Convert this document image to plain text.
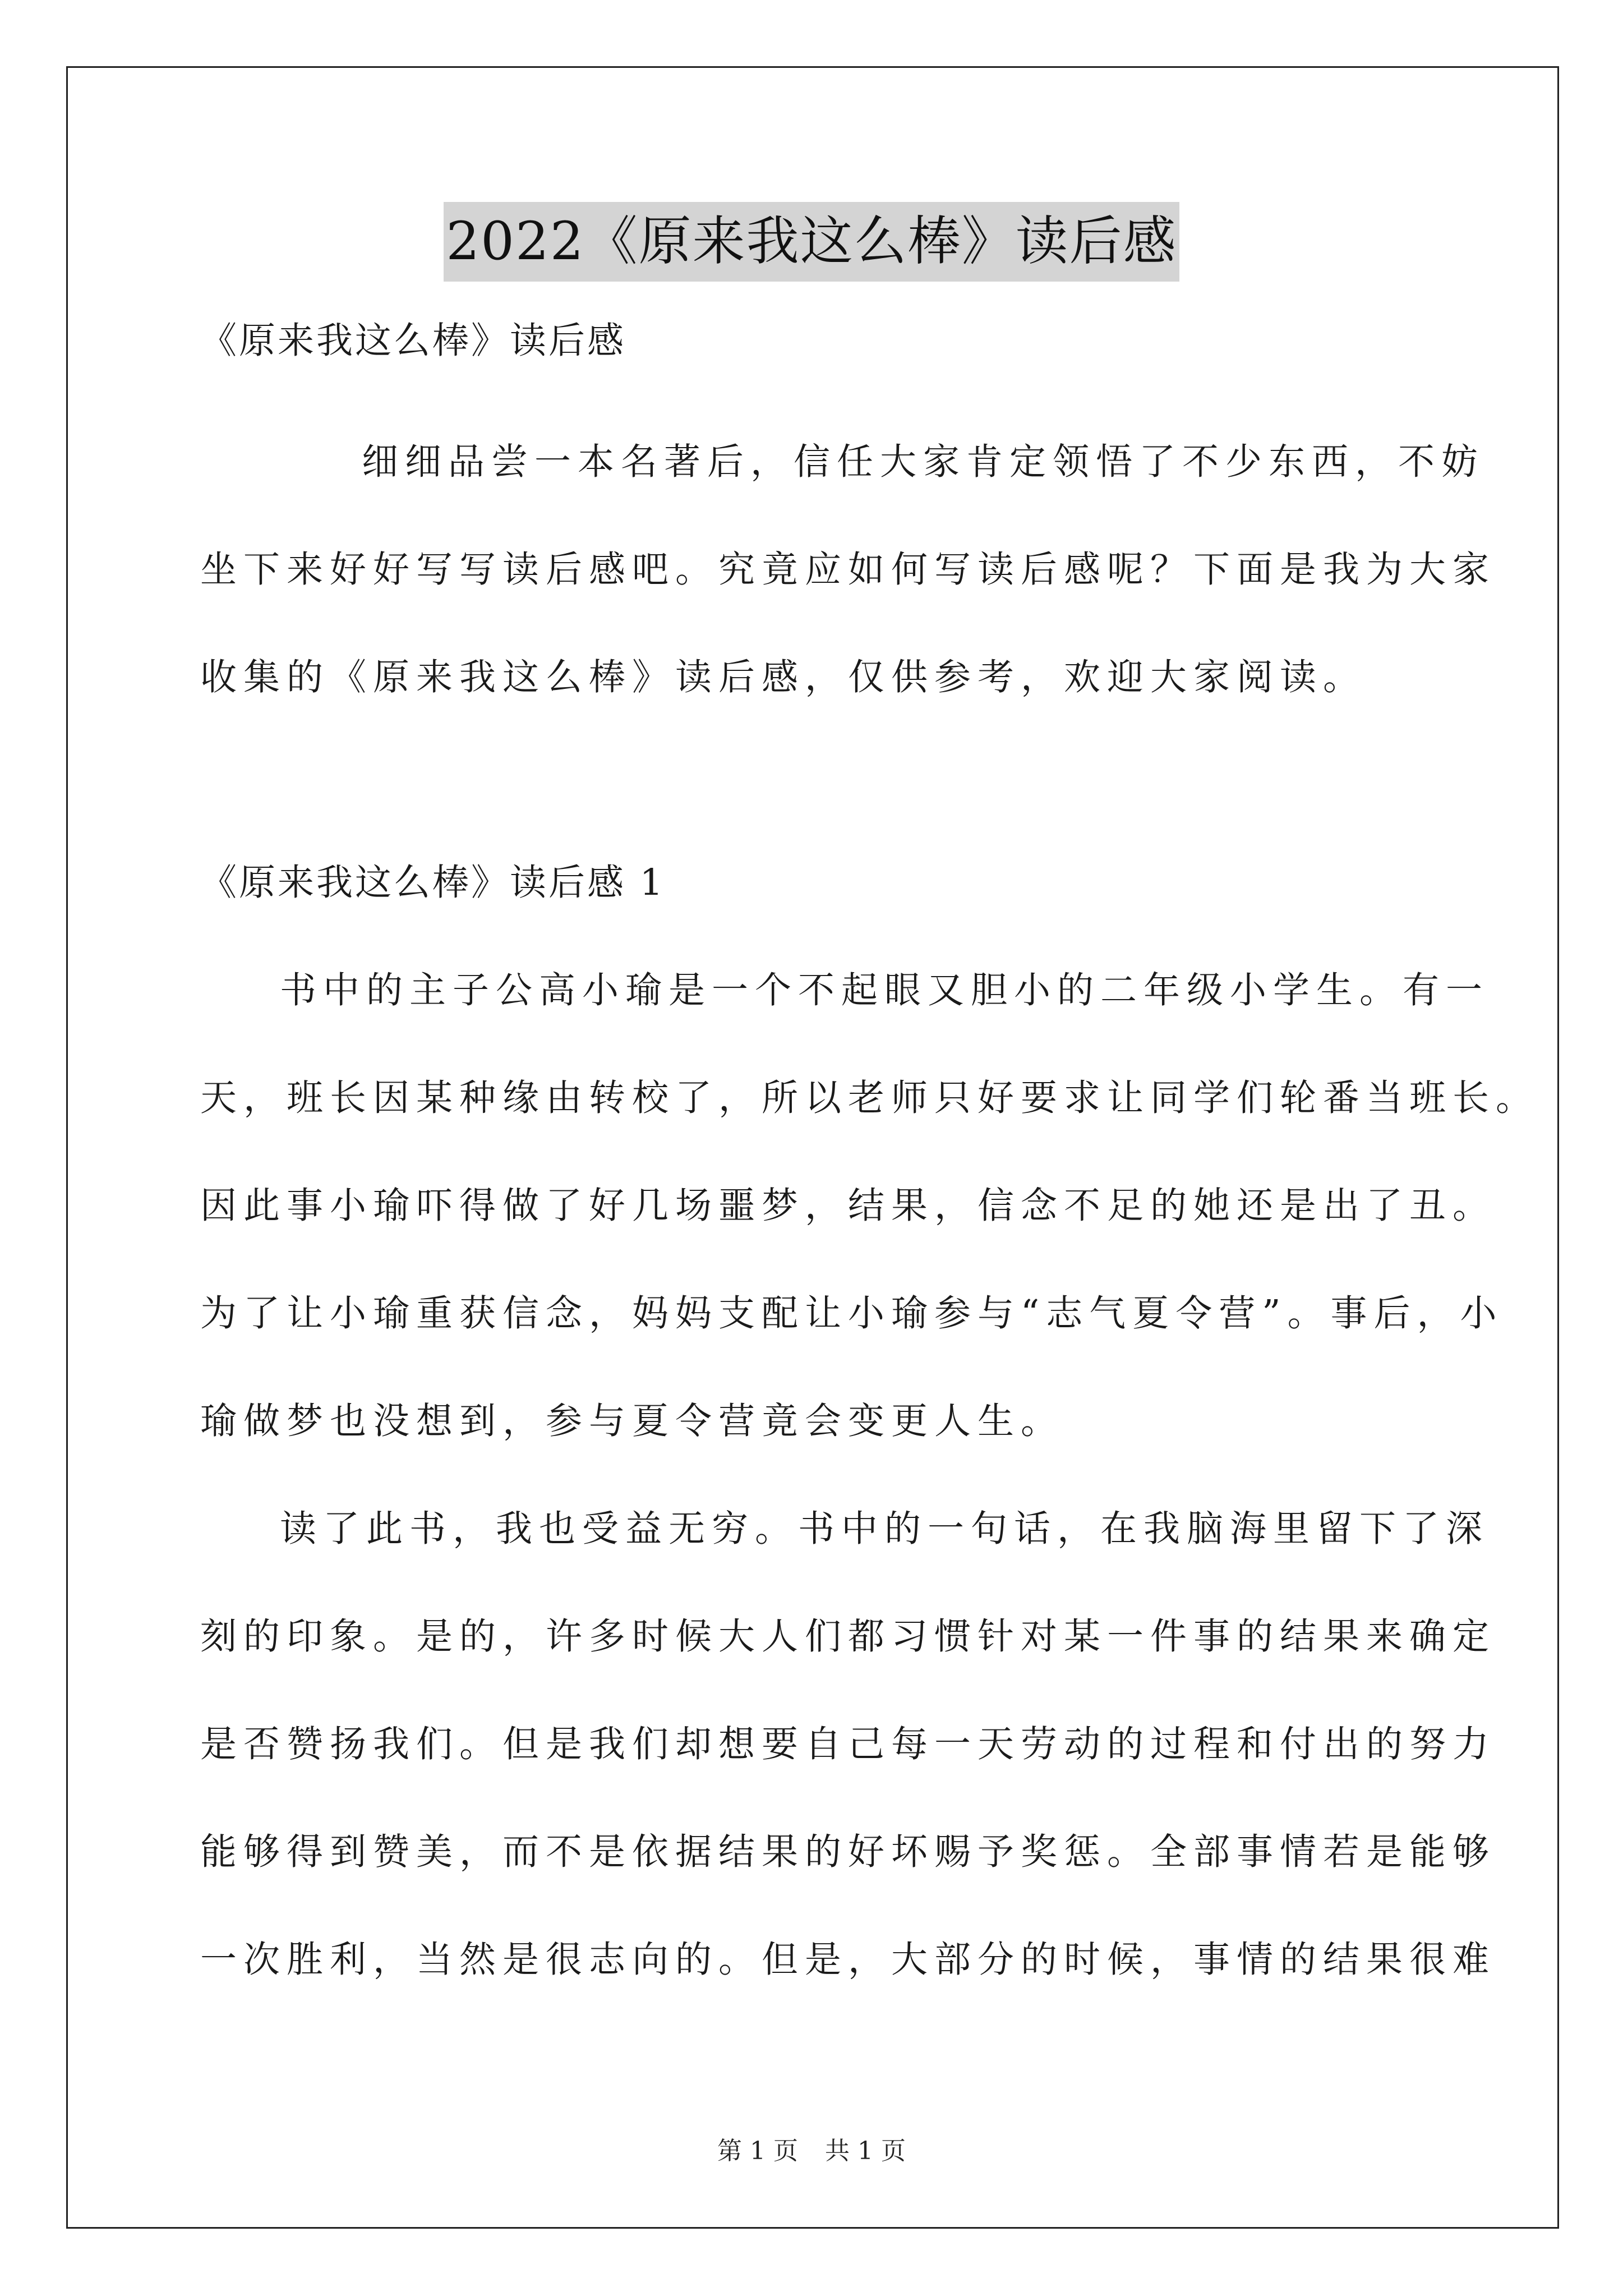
2022《原来我这么棒》读后感
《原来我这么棒》读后感
细细品尝一本名著后，信任大家肯定领悟了不少东西，不妨
坐下来好好写写读后感吧。究竟应如何写读后感呢？下面是我为大家
收集的《原来我这么棒》读后感，仅供参考，欢迎大家阅读。
《原来我这么棒》读后感 1
书中的主子公高小瑜是一个不起眼又胆小的二年级小学生。有一
天，班长因某种缘由转校了，所以老师只好要求让同学们轮番当班长。
因此事小瑜吓得做了好几场噩梦，结果，信念不足的她还是出了丑。
为了让小瑜重获信念，妈妈支配让小瑜参与“志气夏令营”。事后，小
瑜做梦也没想到，参与夏令营竟会变更人生。
读了此书，我也受益无穷。书中的一句话，在我脑海里留下了深
刻的印象。是的，许多时候大人们都习惯针对某一件事的结果来确定
是否赞扬我们。但是我们却想要自己每一天劳动的过程和付出的努力
能够得到赞美，而不是依据结果的好坏赐予奖惩。全部事情若是能够
一次胜利，当然是很志向的。但是，大部分的时候，事情的结果很难
第 1 页 共 1 页
